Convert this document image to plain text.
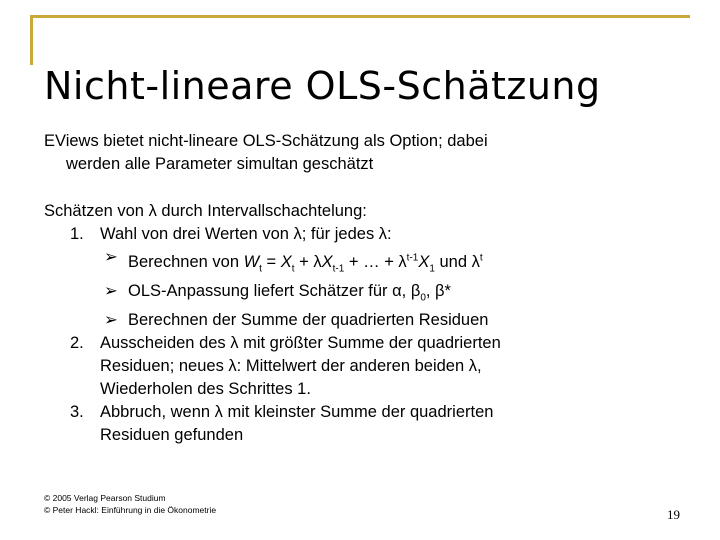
Nicht-lineare OLS-Schätzung
EViews bietet nicht-lineare OLS-Schätzung als Option; dabei
werden alle Parameter simultan geschätzt
Schätzen von λ durch Intervallschachtelung:
1. Wahl von drei Werten von λ; für jedes λ:
➢ Berechnen von $W_t = X_t + \lambda X_{t-1}$ + … + $\lambda^{t-1}X_1$ und $\lambda^t$
➢ OLS-Anpassung liefert Schätzer für α, $\beta_0$, β*
➢ Berechnen der Summe der quadrierten Residuen
2. Ausscheiden des λ mit größter Summe der quadrierten
Residuen; neues λ: Mittelwert der anderen beiden λ,
Wiederholen des Schrittes 1.
3. Abbruch, wenn λ mit kleinster Summe der quadrierten
Residuen gefunden
© 2005 Verlag Pearson Studium
© Peter Hackl: Einführung in die Ökonometrie	19
